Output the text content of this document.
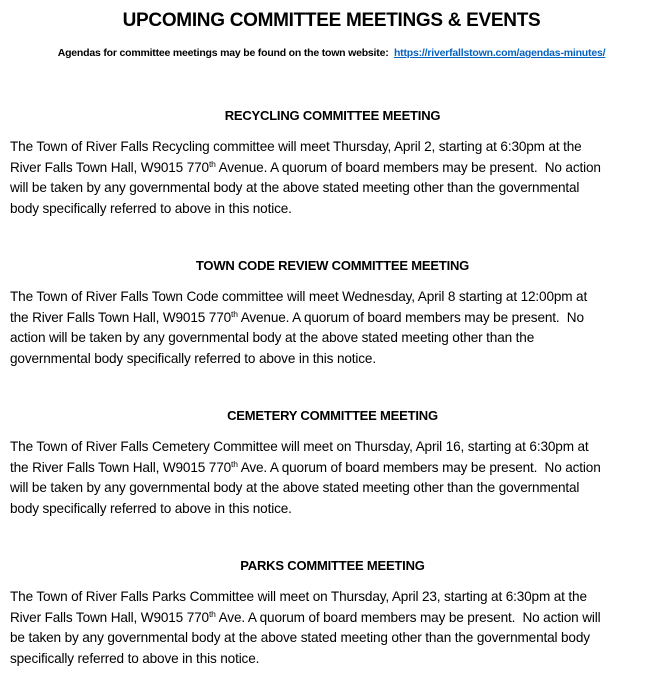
UPCOMING COMMITTEE MEETINGS & EVENTS
Agendas for committee meetings may be found on the town website:  https://riverfallstown.com/agendas-minutes/
RECYCLING COMMITTEE MEETING
The Town of River Falls Recycling committee will meet Thursday, April 2, starting at 6:30pm at the
River Falls Town Hall, W9015 770th Avenue. A quorum of board members may be present.  No action
will be taken by any governmental body at the above stated meeting other than the governmental
body specifically referred to above in this notice.
TOWN CODE REVIEW COMMITTEE MEETING
The Town of River Falls Town Code committee will meet Wednesday, April 8 starting at 12:00pm at
the River Falls Town Hall, W9015 770th Avenue. A quorum of board members may be present.  No
action will be taken by any governmental body at the above stated meeting other than the
governmental body specifically referred to above in this notice.
CEMETERY COMMITTEE MEETING
The Town of River Falls Cemetery Committee will meet on Thursday, April 16, starting at 6:30pm at
the River Falls Town Hall, W9015 770th Ave. A quorum of board members may be present.  No action
will be taken by any governmental body at the above stated meeting other than the governmental
body specifically referred to above in this notice.
PARKS COMMITTEE MEETING
The Town of River Falls Parks Committee will meet on Thursday, April 23, starting at 6:30pm at the
River Falls Town Hall, W9015 770th Ave. A quorum of board members may be present.  No action will
be taken by any governmental body at the above stated meeting other than the governmental body
specifically referred to above in this notice.
